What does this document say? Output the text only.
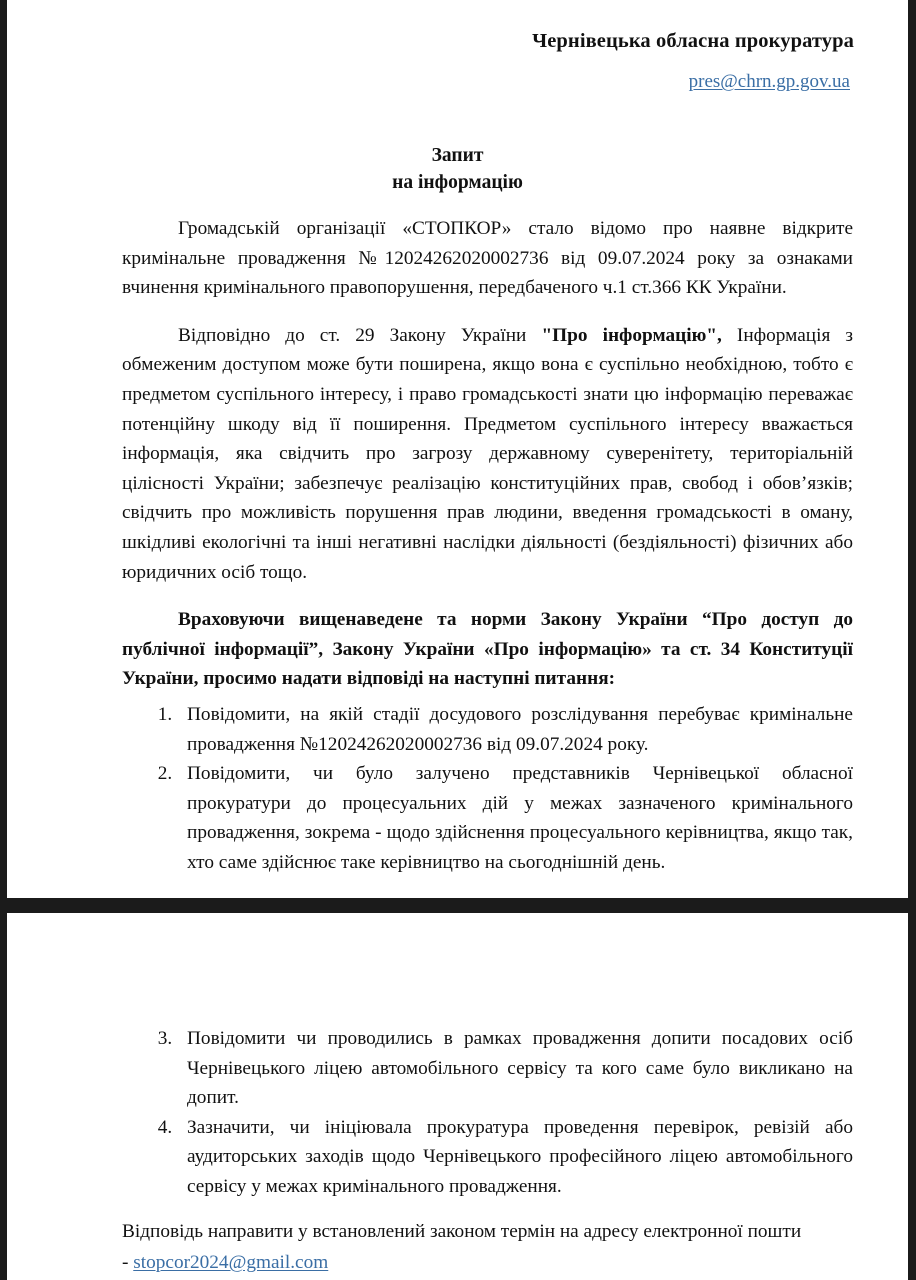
Чернівецька обласна прокуратура
pres@chrn.gp.gov.ua
Запит
на інформацію

Громадській організації «СТОПКОР» стало відомо про наявне відкрите кримінальне провадження №12024262020002736 від 09.07.2024 року за ознаками вчинення кримінального правопорушення, передбаченого ч.1 ст.366 КК України.

Відповідно до ст. 29 Закону України "Про інформацію", Інформація з обмеженим доступом може бути поширена, якщо вона є суспільно необхідною, тобто є предметом суспільного інтересу, і право громадськості знати цю інформацію переважає потенційну шкоду від її поширення. Предметом суспільного інтересу вважається інформація, яка свідчить про загрозу державному суверенітету, територіальній цілісності України; забезпечує реалізацію конституційних прав, свобод і обов’язків; свідчить про можливість порушення прав людини, введення громадськості в оману, шкідливі екологічні та інші негативні наслідки діяльності (бездіяльності) фізичних або юридичних осіб тощо.

Враховуючи вищенаведене та норми Закону України “Про доступ до публічної інформації”, Закону України «Про інформацію» та ст. 34 Конституції України, просимо надати відповіді на наступні питання:

1. Повідомити, на якій стадії досудового розслідування перебуває кримінальне провадження №12024262020002736 від 09.07.2024 року.
2. Повідомити, чи було залучено представників Чернівецької обласної прокуратури до процесуальних дій у межах зазначеного кримінального провадження, зокрема - щодо здійснення процесуального керівництва, якщо так, хто саме здійснює таке керівництво на сьогоднішній день.
3. Повідомити чи проводились в рамках провадження допити посадових осіб Чернівецького ліцею автомобільного сервісу та кого саме було викликано на допит.
4. Зазначити, чи ініціювала прокуратура проведення перевірок, ревізій або аудиторських заходів щодо Чернівецького професійного ліцею автомобільного сервісу у межах кримінального провадження.
Відповідь направити у встановлений законом термін на адресу електронної пошти
- stopcor2024@gmail.com
